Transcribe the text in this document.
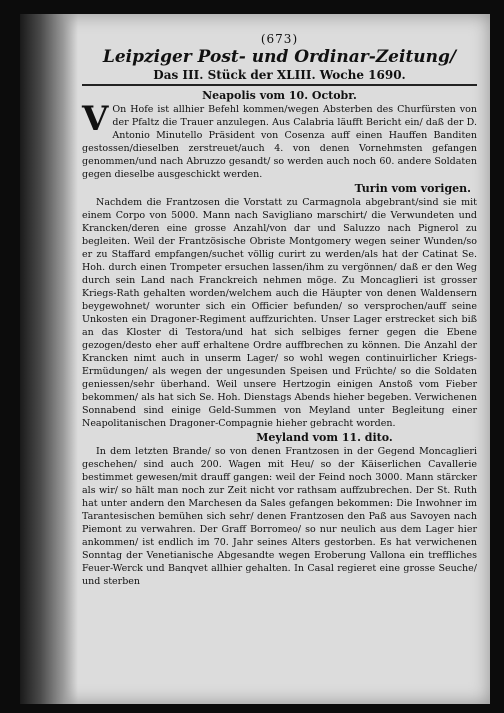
(673)
Leipziger Post- und Ordinar-Zeitung/
Das III. Stück der XLIII. Woche 1690.
Neapolis vom 10. Octobr.

V On Hofe ist allhier Befehl kommen/wegen Absterben des Churfürsten von der Pfaltz die Trauer anzulegen. Aus Calabria läufft Bericht ein/ daß der D. Antonio Minutello Präsident von Cosenza auff einen Hauffen Banditen gestossen/dieselben zerstreuet/auch 4. von denen Vornehmsten gefangen genommen/und nach Abruzzo gesandt/ so werden auch noch 60. andere Soldaten gegen dieselbe ausgeschickt werden.

Turin vom vorigen.

Nachdem die Frantzosen die Vorstatt zu Carmagnola abgebrant/sind sie mit einem Corpo von 5000. Mann nach Savigliano marschirt/ die Verwundeten und Krancken/deren eine grosse Anzahl/von dar und Saluzzo nach Pignerol zu begleiten. Weil der Frantzösische Obriste Montgomery wegen seiner Wunden/so er zu Staffard empfangen/suchet völlig curirt zu werden/als hat der Catinat Se. Hoh. durch einen Trompeter ersuchen lassen/ihm zu vergönnen/ daß er den Weg durch sein Land nach Franckreich nehmen möge. Zu Moncaglieri ist grosser Kriegs-Rath gehalten worden/welchem auch die Häupter von denen Waldensern beygewohnet/ worunter sich ein Officier befunden/ so versprochen/auff seine Unkosten ein Dragoner-Regiment auffzurichten. Unser Lager erstrecket sich biß an das Kloster di Testora/und hat sich selbiges ferner gegen die Ebene gezogen/desto eher auff erhaltene Ordre auffbrechen zu können. Die Anzahl der Krancken nimt auch in unserm Lager/ so wohl wegen continuirlicher Kriegs-Ermüdungen/ als wegen der ungesunden Speisen und Früchte/ so die Soldaten geniessen/sehr überhand. Weil unsere Hertzogin einigen Anstoß vom Fieber bekommen/ als hat sich Se. Hoh. Dienstags Abends hieher begeben. Verwichenen Sonnabend sind einige Geld-Summen von Meyland unter Begleitung einer Neapolitanischen Dragoner-Compagnie hieher gebracht worden.

Meyland vom 11. dito.

In dem letzten Brande/ so von denen Frantzosen in der Gegend Moncaglieri geschehen/ sind auch 200. Wagen mit Heu/ so der Käiserlichen Cavallerie bestimmet gewesen/mit drauff gangen: weil der Feind noch 3000. Mann stärcker als wir/ so hält man noch zur Zeit nicht vor rathsam auffzubrechen. Der St. Ruth hat unter andern den Marchesen da Sales gefangen bekommen: Die Inwohner im Tarantesischen bemühen sich sehr/ denen Frantzosen den Paß aus Savoyen nach Piemont zu verwahren. Der Graff Borromeo/ so nur neulich aus dem Lager hier ankommen/ ist endlich im 70. Jahr seines Alters gestorben. Es hat verwichenen Sonntag der Venetianische Abgesandte wegen Eroberung Vallona ein treffliches Feuer-Werck und Banqvet allhier gehalten. In Casal regieret eine grosse Seuche/ und sterben
